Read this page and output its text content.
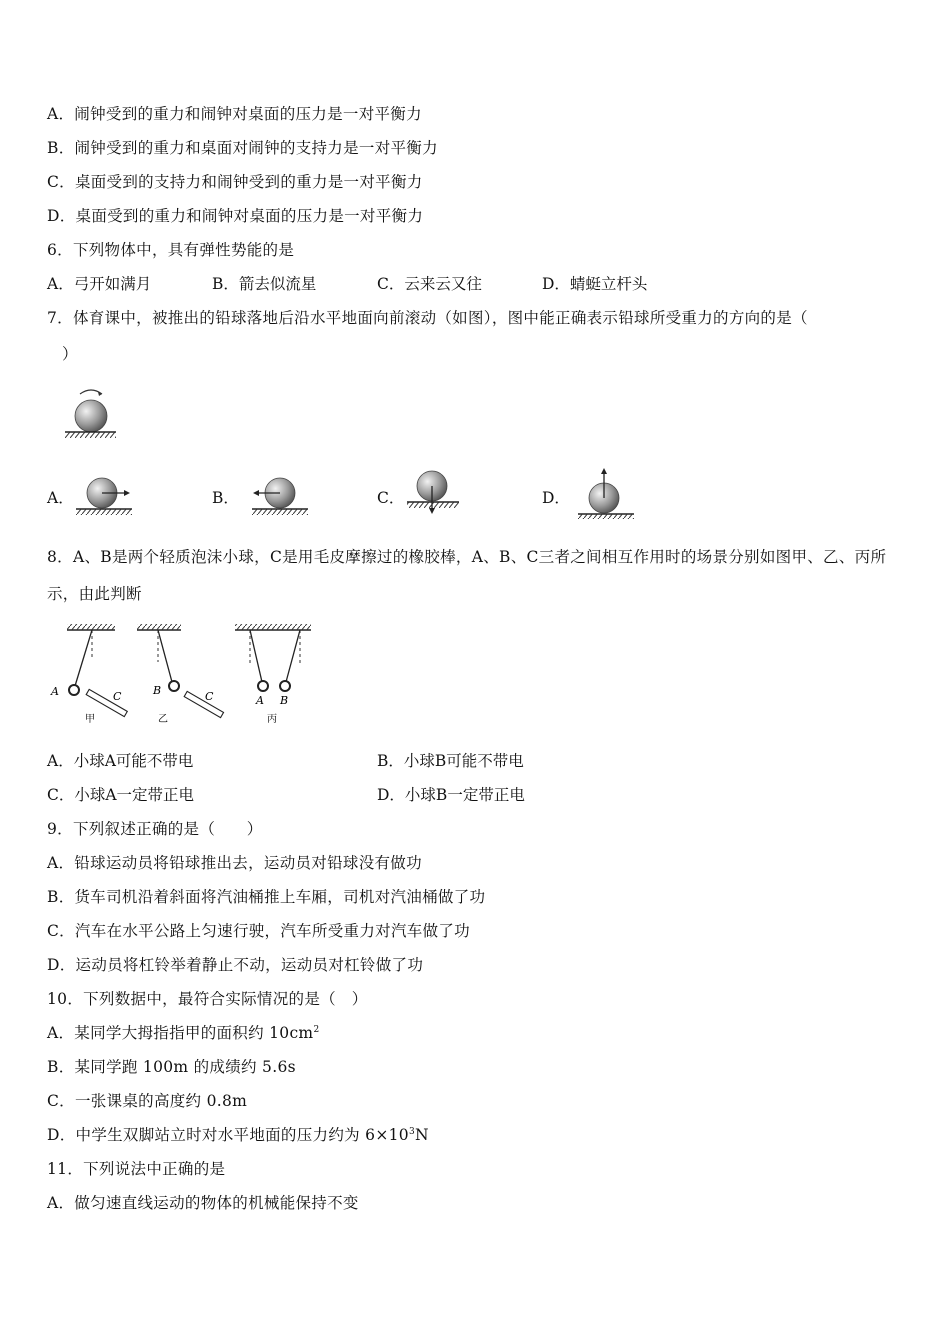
A．闹钟受到的重力和闹钟对桌面的压力是一对平衡力
B．闹钟受到的重力和桌面对闹钟的支持力是一对平衡力
C．桌面受到的支持力和闹钟受到的重力是一对平衡力
D．桌面受到的重力和闹钟对桌面的压力是一对平衡力
6．下列物体中，具有弹性势能的是
A．弓开如满月	B．箭去似流星	C．云来云又往	D．蜻蜓立杆头
7．体育课中，被推出的铅球落地后沿水平地面向前滚动（如图），图中能正确表示铅球所受重力的方向的是（
）
A．	B．	C．	D．
8．A、B是两个轻质泡沫小球，C是用毛皮摩擦过的橡胶棒，A、B、C三者之间相互作用时的场景分别如图甲、乙、丙所
示，由此判断
A	C
甲
B	C
乙
A B
丙
A．小球A可能不带电	B．小球B可能不带电
C．小球A一定带正电	D．小球B一定带正电
9．下列叙述正确的是（　　）
A．铅球运动员将铅球推出去，运动员对铅球没有做功
B．货车司机沿着斜面将汽油桶推上车厢，司机对汽油桶做了功
C．汽车在水平公路上匀速行驶，汽车所受重力对汽车做了功
D．运动员将杠铃举着静止不动，运动员对杠铃做了功
10．下列数据中，最符合实际情况的是（　）
A．某同学大拇指指甲的面积约 $10cm^2$
B．某同学跑 100m 的成绩约 5.6s
C．一张课桌的高度约 0.8m
D．中学生双脚站立时对水平地面的压力约为 $6\times 10^3N$
11．下列说法中正确的是
A．做匀速直线运动的物体的机械能保持不变
